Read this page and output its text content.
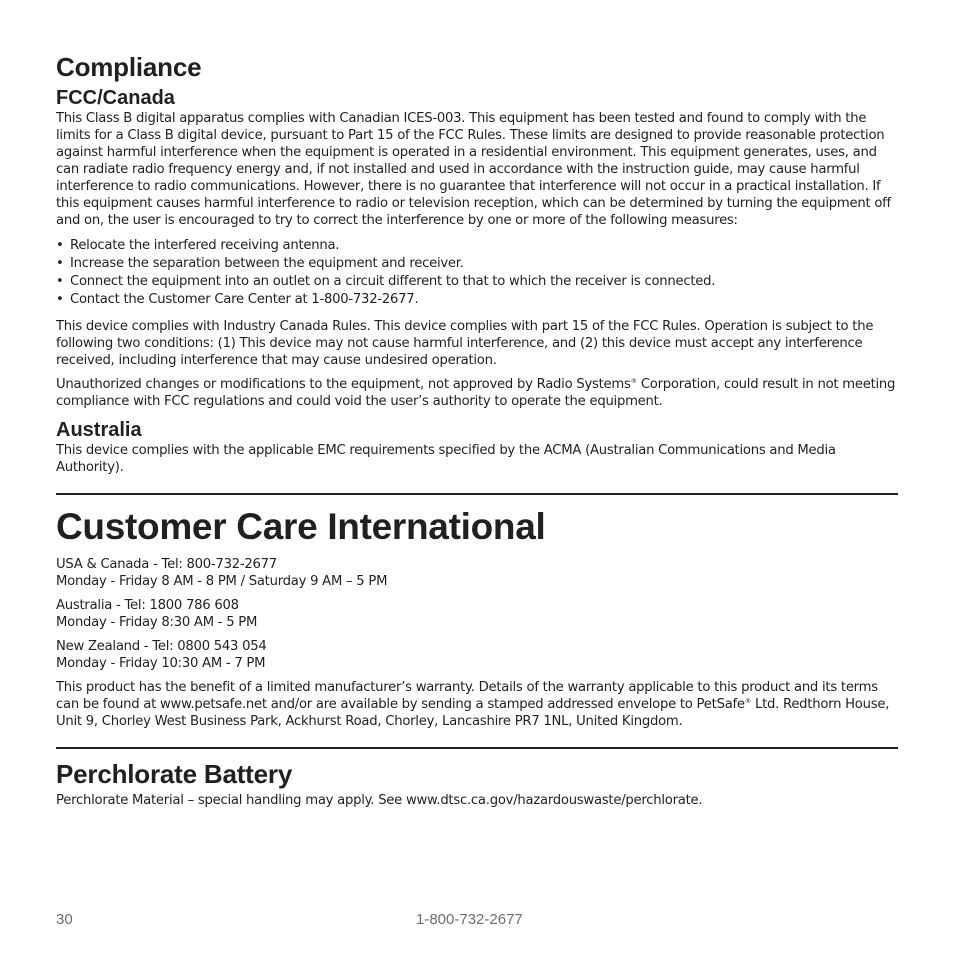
Compliance
FCC/Canada

This Class B digital apparatus complies with Canadian ICES-003. This equipment has been tested and found to comply with the limits for a Class B digital device, pursuant to Part 15 of the FCC Rules. These limits are designed to provide reasonable protection against harmful interference when the equipment is operated in a residential environment. This equipment generates, uses, and can radiate radio frequency energy and, if not installed and used in accordance with the instruction guide, may cause harmful interference to radio communications. However, there is no guarantee that interference will not occur in a practical installation. If this equipment causes harmful interference to radio or television reception, which can be determined by turning the equipment off and on, the user is encouraged to try to correct the interference by one or more of the following measures:

• Relocate the interfered receiving antenna.
• Increase the separation between the equipment and receiver.
• Connect the equipment into an outlet on a circuit different to that to which the receiver is connected.
• Contact the Customer Care Center at 1-800-732-2677.

This device complies with Industry Canada Rules. This device complies with part 15 of the FCC Rules. Operation is subject to the following two conditions: (1) This device may not cause harmful interference, and (2) this device must accept any interference received, including interference that may cause undesired operation.

Unauthorized changes or modifications to the equipment, not approved by Radio Systems® Corporation, could result in not meeting compliance with FCC regulations and could void the user’s authority to operate the equipment.

Australia

This device complies with the applicable EMC requirements specified by the ACMA (Australian Communications and Media Authority).

Customer Care International

USA & Canada - Tel: 800-732-2677

Monday - Friday 8 AM - 8 PM / Saturday 9 AM – 5 PM

Australia - Tel: 1800 786 608

Monday - Friday 8:30 AM - 5 PM

New Zealand - Tel: 0800 543 054

Monday - Friday 10:30 AM - 7 PM

This product has the benefit of a limited manufacturer’s warranty. Details of the warranty applicable to this product and its terms can be found at www.petsafe.net and/or are available by sending a stamped addressed envelope to PetSafe® Ltd. Redthorn House, Unit 9, Chorley West Business Park, Ackhurst Road, Chorley, Lancashire PR7 1NL, United Kingdom.

Perchlorate Battery

Perchlorate Material – special handling may apply. See www.dtsc.ca.gov/hazardouswaste/perchlorate.

30	1-800-732-2677
